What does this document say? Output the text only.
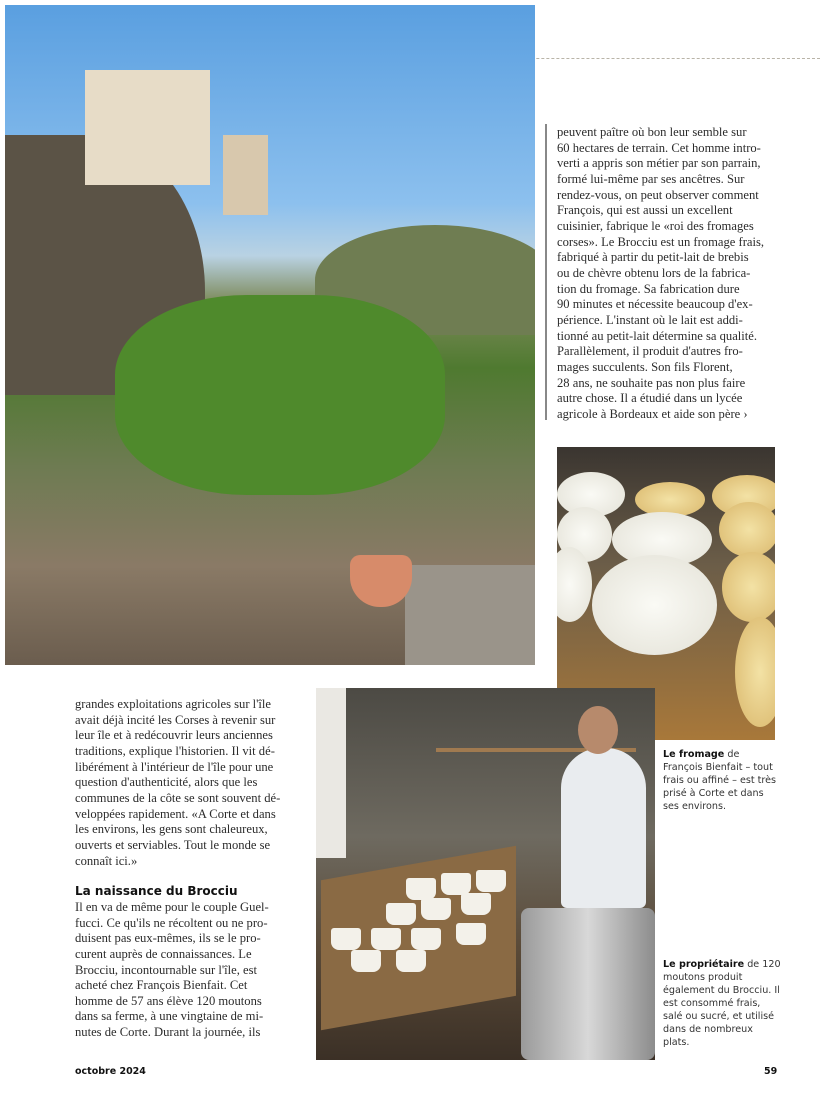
peuvent paître où bon leur semble sur
60 hectares de terrain. Cet homme intro-
verti a appris son métier par son parrain,
formé lui-même par ses ancêtres. Sur
rendez-vous, on peut observer comment
François, qui est aussi un excellent
cuisinier, fabrique le «roi des fromages
corses». Le Brocciu est un fromage frais,
fabriqué à partir du petit-lait de brebis
ou de chèvre obtenu lors de la fabrica-
tion du fromage. Sa fabrication dure
90 minutes et nécessite beaucoup d'ex-
périence. L'instant où le lait est addi-
tionné au petit-lait détermine sa qualité.
Parallèlement, il produit d'autres fro-
mages succulents. Son fils Florent,
28 ans, ne souhaite pas non plus faire
autre chose. Il a étudié dans un lycée
agricole à Bordeaux et aide son père ›
Le fromage de François Bienfait – tout frais ou affiné – est très prisé à Corte et dans ses environs.
grandes exploitations agricoles sur l'île
avait déjà incité les Corses à revenir sur
leur île et à redécouvrir leurs anciennes
traditions, explique l'historien. Il vit dé-
libérément à l'intérieur de l'île pour une
question d'authenticité, alors que les
communes de la côte se sont souvent dé-
veloppées rapidement. «A Corte et dans
les environs, les gens sont chaleureux,
ouverts et serviables. Tout le monde se
connaît ici.»
La naissance du Brocciu
Il en va de même pour le couple Guel-
fucci. Ce qu'ils ne récoltent ou ne pro-
duisent pas eux-mêmes, ils se le pro-
curent auprès de connaissances. Le
Brocciu, incontournable sur l'île, est
acheté chez François Bienfait. Cet
homme de 57 ans élève 120 moutons
dans sa ferme, à une vingtaine de mi-
nutes de Corte. Durant la journée, ils
Le propriétaire de 120 moutons produit également du Brocciu. Il est consommé frais, salé ou sucré, et utilisé dans de nombreux plats.
octobre 2024	59
